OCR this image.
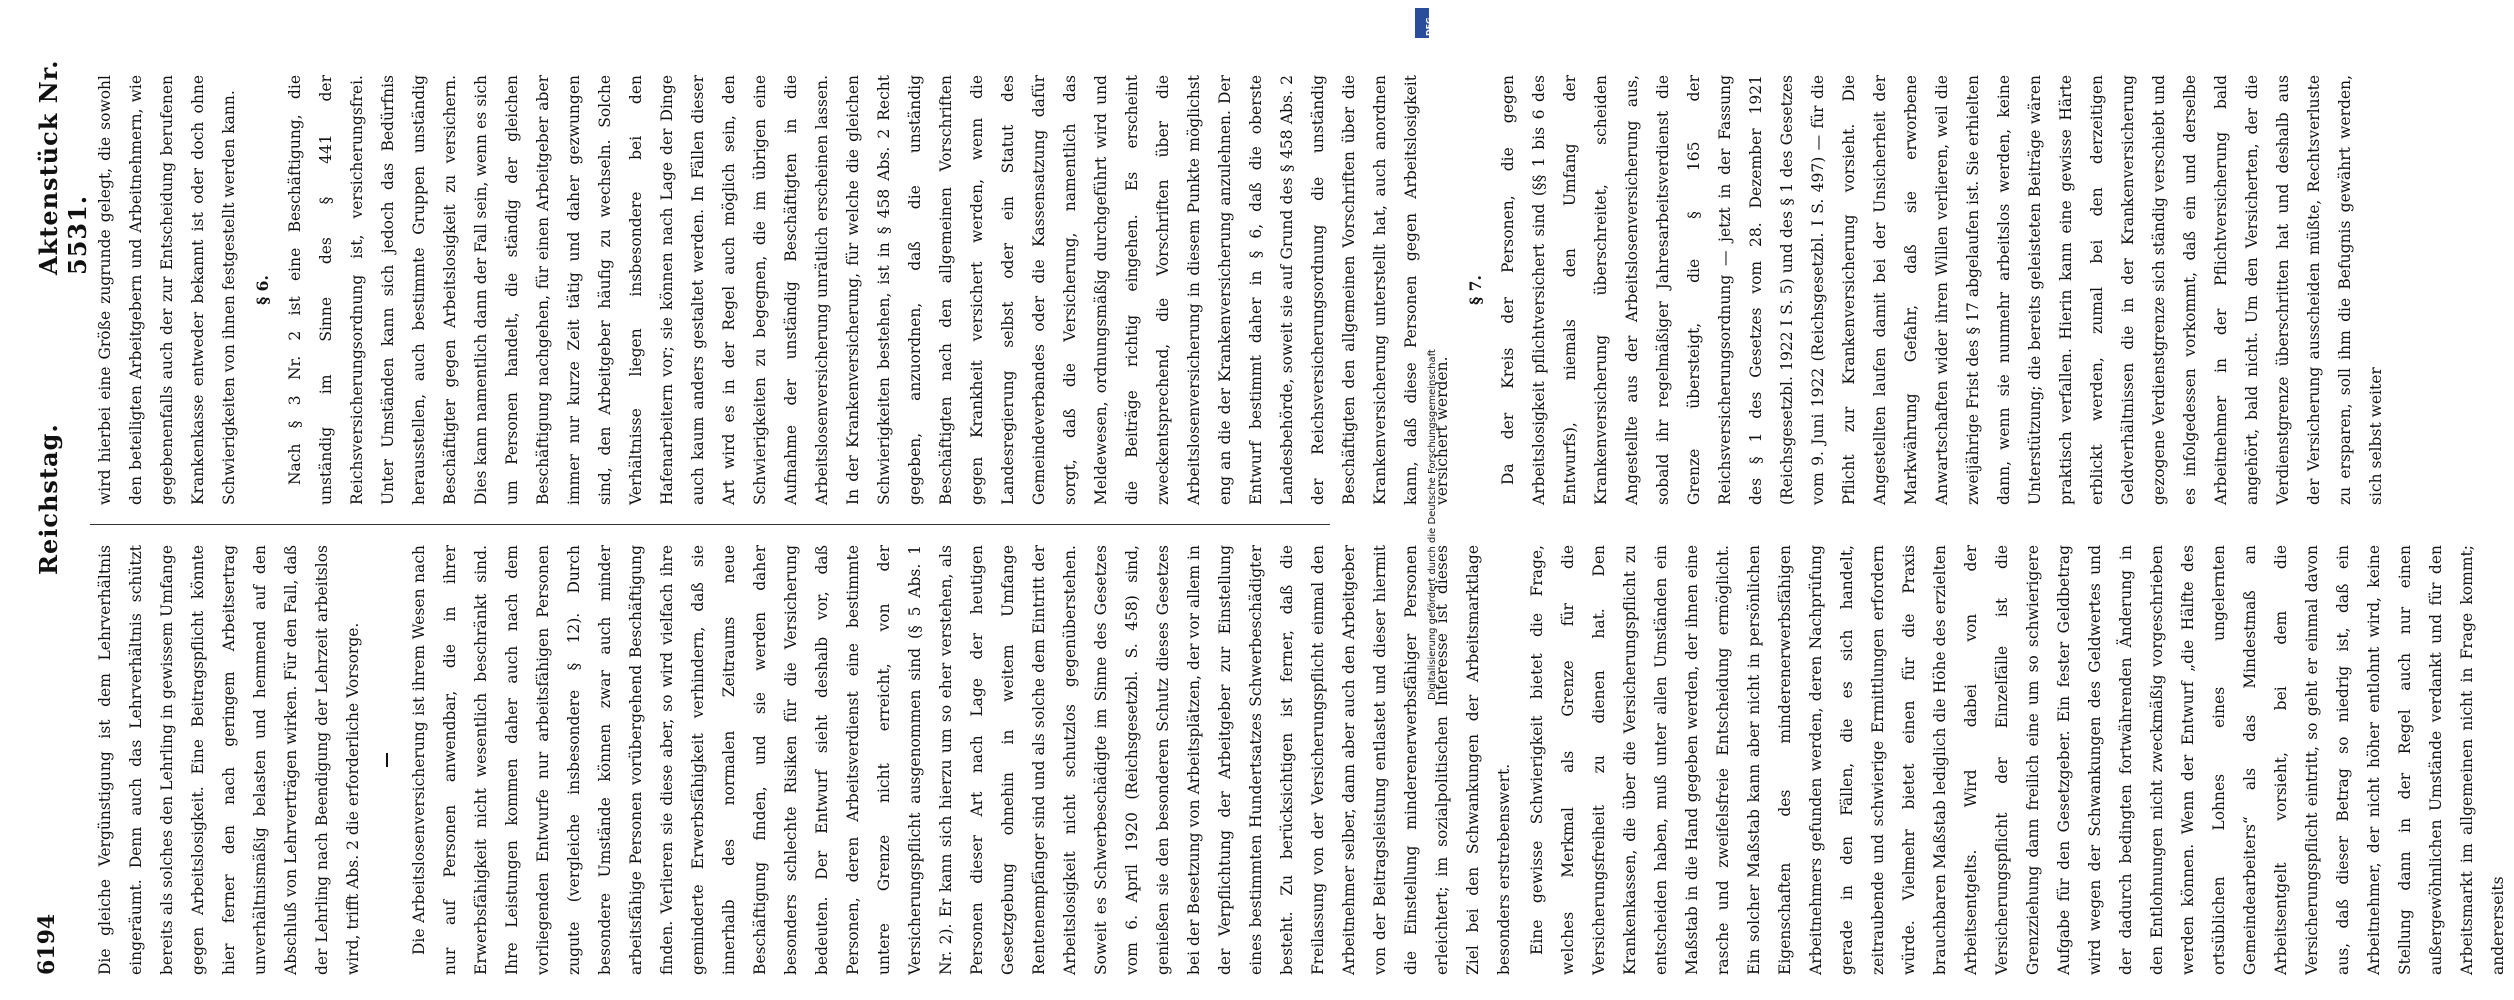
6194
Reichstag.
Aktenstück Nr. 5531.

Die gleiche Vergünstigung ist dem Lehrverhältnis eingeräumt. Denn auch das Lehrverhältnis schützt bereits als solches den Lehrling in gewissem Umfange gegen Arbeitslosigkeit. Eine Beitragspflicht könnte hier ferner den nach geringem Arbeitsertrag unverhältnismäßig belasten und hemmend auf den Abschluß von Lehrverträgen wirken. Für den Fall, daß der Lehrling nach Beendigung der Lehrzeit arbeitslos wird, trifft Abs. 2 die erforderliche Vorsorge.	Die Arbeitslosenversicherung ist ihrem Wesen nach nur auf Personen anwendbar, die in ihrer Erwerbsfähigkeit nicht wesentlich beschränkt sind. Ihre Leistungen kommen daher auch nach dem vorliegenden Entwurfe nur arbeitsfähigen Personen zugute (vergleiche insbesondere § 12). Durch besondere Umstände können zwar auch minder arbeitsfähige Personen vorübergehend Beschäftigung finden. Verlieren sie diese aber, so wird vielfach ihre geminderte Erwerbsfähigkeit verhindern, daß sie innerhalb des normalen Zeitraums neue Beschäftigung finden, und sie werden daher besonders schlechte Risiken für die Versicherung bedeuten. Der Entwurf sieht deshalb vor, daß Personen, deren Arbeitsverdienst eine bestimmte untere Grenze nicht erreicht, von der Versicherungspflicht ausgenommen sind (§ 5 Abs. 1 Nr. 2). Er kann sich hierzu um so eher verstehen, als Personen dieser Art nach Lage der heutigen Gesetzgebung ohnehin in weitem Umfange Rentenempfänger sind und als solche dem Eintritt der Arbeitslosigkeit nicht schutzlos gegenüberstehen. Soweit es Schwerbeschädigte im Sinne des Gesetzes vom 6. April 1920 (Reichsgesetzbl. S. 458) sind, genießen sie den besonderen Schutz dieses Gesetzes bei der Besetzung von Arbeitsplätzen, der vor allem in der Verpflichtung der Arbeitgeber zur Einstellung eines bestimmten Hundertsatzes Schwerbeschädigter besteht. Zu berücksichtigen ist ferner, daß die Freilassung von der Versicherungspflicht einmal den Arbeitnehmer selber, dann aber auch den Arbeitgeber von der Beitragsleistung entlastet und dieser hiermit die Einstellung minderenerwerbsfähiger Personen erleichtert; im sozialpolitischen Interesse ist dieses Ziel bei den Schwankungen der Arbeitsmarktlage besonders erstrebenswert. Eine gewisse Schwierigkeit bietet die Frage, welches Merkmal als Grenze für die Versicherungsfreiheit zu dienen hat. Den Krankenkassen, die über die Versicherungspflicht zu entscheiden haben, muß unter allen Umständen ein Maßstab in die Hand gegeben werden, der ihnen eine rasche und zweifelsfreie Entscheidung ermöglicht. Ein solcher Maßstab kann aber nicht in persönlichen Eigenschaften des minderenerwerbsfähigen Arbeitnehmers gefunden werden, deren Nachprüfung gerade in den Fällen, die es sich handelt, zeitraubende und schwierige Ermittlungen erfordern würde. Vielmehr bietet einen für die Praxis brauchbaren Maßstab lediglich die Höhe des erzielten Arbeitsentgelts. Wird dabei von der Versicherungspflicht der Einzelfälle ist die Grenzziehung dann freilich eine um so schwierigere Aufgabe für den Gesetzgeber. Ein fester Geldbetrag wird wegen der Schwankungen des Geldwertes und der dadurch bedingten fortwährenden Änderung in den Entlohnungen nicht zweckmäßig vorgeschrieben werden können. Wenn der Entwurf „die Hälfte des ortsüblichen Lohnes eines ungelernten Gemeindearbeiters“ als das Mindestmaß an Arbeitsentgelt vorsieht, bei dem die Versicherungspflicht eintritt, so geht er einmal davon aus, daß dieser Betrag so niedrig ist, daß ein Arbeitnehmer, der nicht höher entlohnt wird, keine Stellung dann in der Regel auch nur einen außergewöhnlichen Umstände verdankt und für den Arbeitsmarkt im allgemeinen nicht in Frage kommt; andererseits

wird hierbei eine Größe zugrunde gelegt, die sowohl den beteiligten Arbeitgebern und Arbeitnehmern, wie gegebenenfalls auch der zur Entscheidung berufenen Krankenkasse entweder bekannt ist oder doch ohne Schwierigkeiten von ihnen festgestellt werden kann. § 6. Nach § 3 Nr. 2 ist eine Beschäftigung, die unständig im Sinne des § 441 der Reichsversicherungsordnung ist, versicherungsfrei. Unter Umständen kann sich jedoch das Bedürfnis herausstellen, auch bestimmte Gruppen unständig Beschäftigter gegen Arbeitslosigkeit zu versichern. Dies kann namentlich dann der Fall sein, wenn es sich um Personen handelt, die ständig der gleichen Beschäftigung nachgehen, für einen Arbeitgeber aber immer nur kurze Zeit tätig und daher gezwungen sind, den Arbeitgeber häufig zu wechseln. Solche Verhältnisse liegen insbesondere bei den Hafenarbeitern vor; sie können nach Lage der Dinge auch kaum anders gestaltet werden. In Fällen dieser Art wird es in der Regel auch möglich sein, den Schwierigkeiten zu begegnen, die im übrigen eine Aufnahme der unständig Beschäftigten in die Arbeitslosenversicherung unrätlich erscheinen lassen. In der Krankenversicherung, für welche die gleichen Schwierigkeiten bestehen, ist in § 458 Abs. 2 Recht gegeben, anzuordnen, daß die unständig Beschäftigten nach den allgemeinen Vorschriften gegen Krankheit versichert werden, wenn die Landesregierung selbst oder ein Statut des Gemeindeverbandes oder die Kassensatzung dafür sorgt, daß die Versicherung, namentlich das Meldewesen, ordnungsmäßig durchgeführt wird und die Beiträge richtig eingehen. Es erscheint zweckentsprechend, die Vorschriften über die Arbeitslosenversicherung in diesem Punkte möglichst eng an die der Krankenversicherung anzulehnen. Der Entwurf bestimmt daher in § 6, daß die oberste Landesbehörde, soweit sie auf Grund des § 458 Abs. 2 der Reichsversicherungsordnung die unständig Beschäftigten den allgemeinen Vorschriften über die Krankenversicherung unterstellt hat, auch anordnen kann, daß diese Personen gegen Arbeitslosigkeit versichert werden.

§ 7. Da der Kreis der Personen, die gegen Arbeitslosigkeit pflichtversichert sind (§§ 1 bis 6 des Entwurfs), niemals den Umfang der Krankenversicherung überschreitet, scheiden Angestellte aus der Arbeitslosenversicherung aus, sobald ihr regelmäßiger Jahresarbeitsverdienst die Grenze übersteigt, die § 165 der Reichsversicherungsordnung — jetzt in der Fassung des § 1 des Gesetzes vom 28. Dezember 1921 (Reichsgesetzbl. 1922 I S. 5) und des § 1 des Gesetzes vom 9. Juni 1922 (Reichsgesetzbl. I S. 497) — für die Pflicht zur Krankenversicherung vorsieht. Die Angestellten laufen damit bei der Unsicherheit der Markwährung Gefahr, daß sie erworbene Anwartschaften wider ihren Willen verlieren, weil die zweijährige Frist des § 17 abgelaufen ist. Sie erhielten dann, wenn sie nunmehr arbeitslos werden, keine Unterstützung; die bereits geleisteten Beiträge wären praktisch verfallen. Hierin kann eine gewisse Härte erblickt werden, zumal bei den derzeitigen Geldverhältnissen die in der Krankenversicherung gezogene Verdienstgrenze sich ständig verschiebt und es infolgedessen vorkommt, daß ein und derselbe Arbeitnehmer in der Pflichtversicherung bald angehört, bald nicht. Um den Versicherten, der die Verdienstgrenze überschritten hat und deshalb aus der Versicherung ausscheiden müßte, Rechtsverluste zu ersparen, soll ihm die Befugnis gewährt werden, sich selbst weiter

DFG
Digitalisierung gefördert durch die Deutsche Forschungsgemeinschaft
